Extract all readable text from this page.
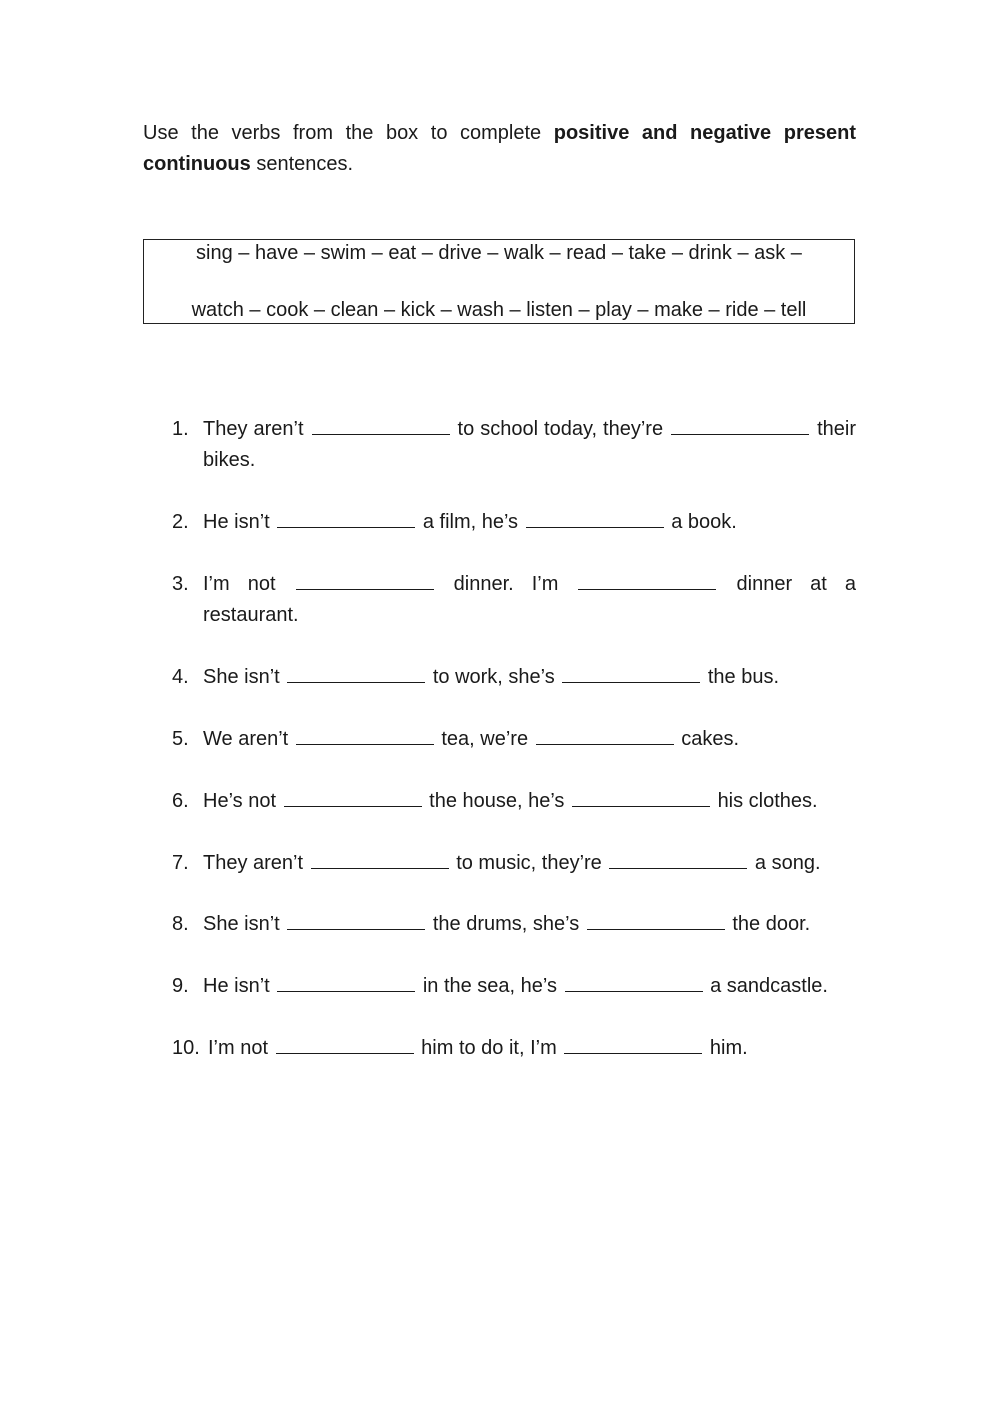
Use the verbs from the box to complete positive and negative present continuous sentences.
sing – have – swim – eat – drive – walk – read – take – drink – ask –
watch – cook – clean – kick – wash – listen – play – make – ride – tell
1. They aren’t	to school today, they’re	their bikes.
2. He isn’t	a film, he’s	a book.
3. I’m not	dinner. I’m	dinner at a restaurant.
4. She isn’t	to work, she’s	the bus.
5. We aren’t	tea, we’re	cakes.
6. He’s not	the house, he’s	his clothes.
7. They aren’t	to music, they’re	a song.
8. She isn’t	the drums, she’s	the door.
9. He isn’t	in the sea, he’s	a sandcastle.
10. I’m not	him to do it, I’m	him.
